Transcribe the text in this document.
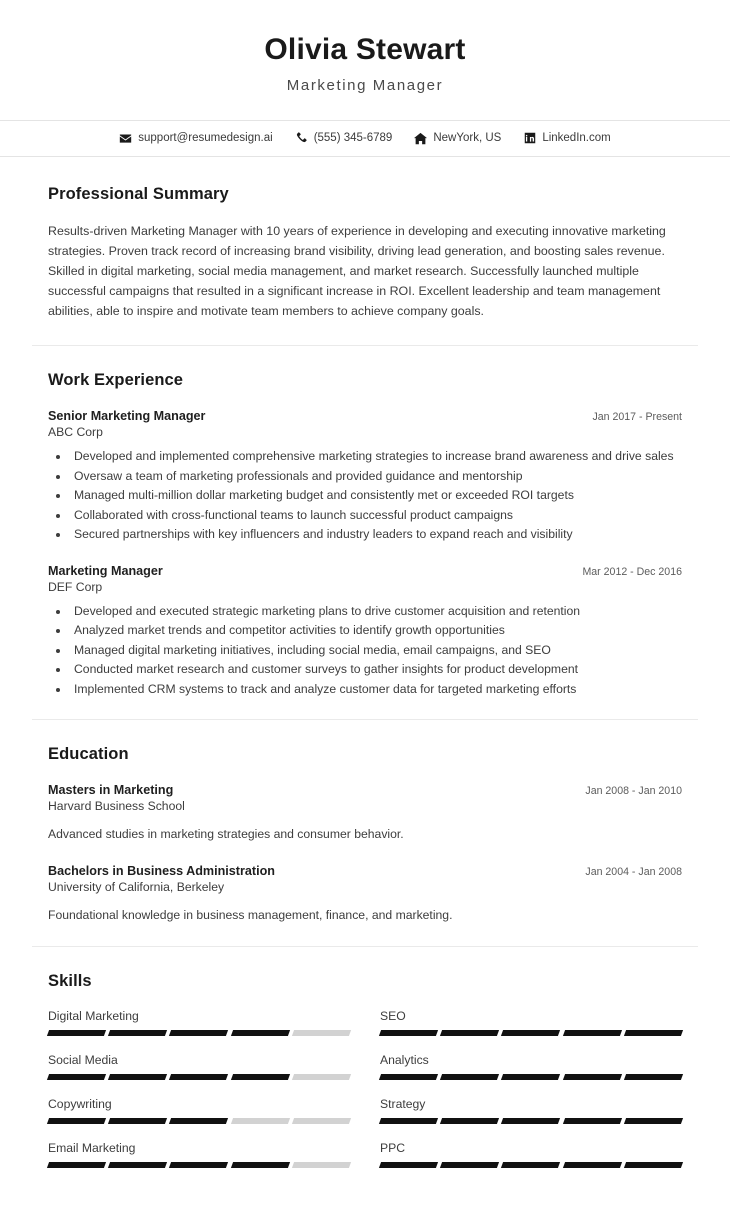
Olivia Stewart
Marketing Manager
support@resumedesign.ai	(555) 345-6789	NewYork, US	LinkedIn.com
Professional Summary

Results-driven Marketing Manager with 10 years of experience in developing and executing innovative marketing strategies. Proven track record of increasing brand visibility, driving lead generation, and boosting sales revenue. Skilled in digital marketing, social media management, and market research. Successfully launched multiple successful campaigns that resulted in a significant increase in ROI. Excellent leadership and team management abilities, able to inspire and motivate team members to achieve company goals.

Work Experience
Senior Marketing Manager	Jan 2017 - Present
ABC Corp
• Developed and implemented comprehensive marketing strategies to increase brand awareness and drive sales
• Oversaw a team of marketing professionals and provided guidance and mentorship
• Managed multi-million dollar marketing budget and consistently met or exceeded ROI targets
• Collaborated with cross-functional teams to launch successful product campaigns
• Secured partnerships with key influencers and industry leaders to expand reach and visibility
Marketing Manager	Mar 2012 - Dec 2016
DEF Corp
• Developed and executed strategic marketing plans to drive customer acquisition and retention
• Analyzed market trends and competitor activities to identify growth opportunities
• Managed digital marketing initiatives, including social media, email campaigns, and SEO
• Conducted market research and customer surveys to gather insights for product development
• Implemented CRM systems to track and analyze customer data for targeted marketing efforts
Education
Masters in Marketing	Jan 2008 - Jan 2010
Harvard Business School
Advanced studies in marketing strategies and consumer behavior.
Bachelors in Business Administration	Jan 2004 - Jan 2008
University of California, Berkeley
Foundational knowledge in business management, finance, and marketing.
Skills
Digital Marketing	SEO
Social Media	Analytics
Copywriting	Strategy
Email Marketing	PPC
